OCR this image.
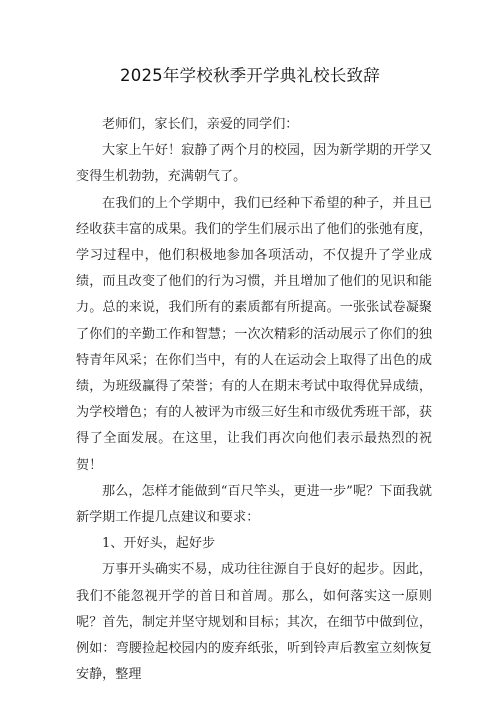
2025年学校秋季开学典礼校长致辞

老师们，家长们，亲爱的同学们：

大家上午好！寂静了两个月的校园，因为新学期的开学又变得生机勃勃，充满朝气了。

在我们的上个学期中，我们已经种下希望的种子，并且已经收获丰富的成果。我们的学生们展示出了他们的张弛有度，学习过程中，他们积极地参加各项活动，不仅提升了学业成绩，而且改变了他们的行为习惯，并且增加了他们的见识和能力。总的来说，我们所有的素质都有所提高。一张张试卷凝聚了你们的辛勤工作和智慧；一次次精彩的活动展示了你们的独特青年风采；在你们当中，有的人在运动会上取得了出色的成绩，为班级赢得了荣誉；有的人在期末考试中取得优异成绩，为学校增色；有的人被评为市级三好生和市级优秀班干部，获得了全面发展。在这里，让我们再次向他们表示最热烈的祝贺！

那么，怎样才能做到“百尺竿头，更进一步”呢？下面我就新学期工作提几点建议和要求：

1、开好头，起好步

万事开头确实不易，成功往往源自于良好的起步。因此，我们不能忽视开学的首日和首周。那么，如何落实这一原则呢？首先，制定并坚守规划和目标；其次，在细节中做到位，例如：弯腰捡起校园内的废弃纸张，听到铃声后教室立刻恢复安静，整理
